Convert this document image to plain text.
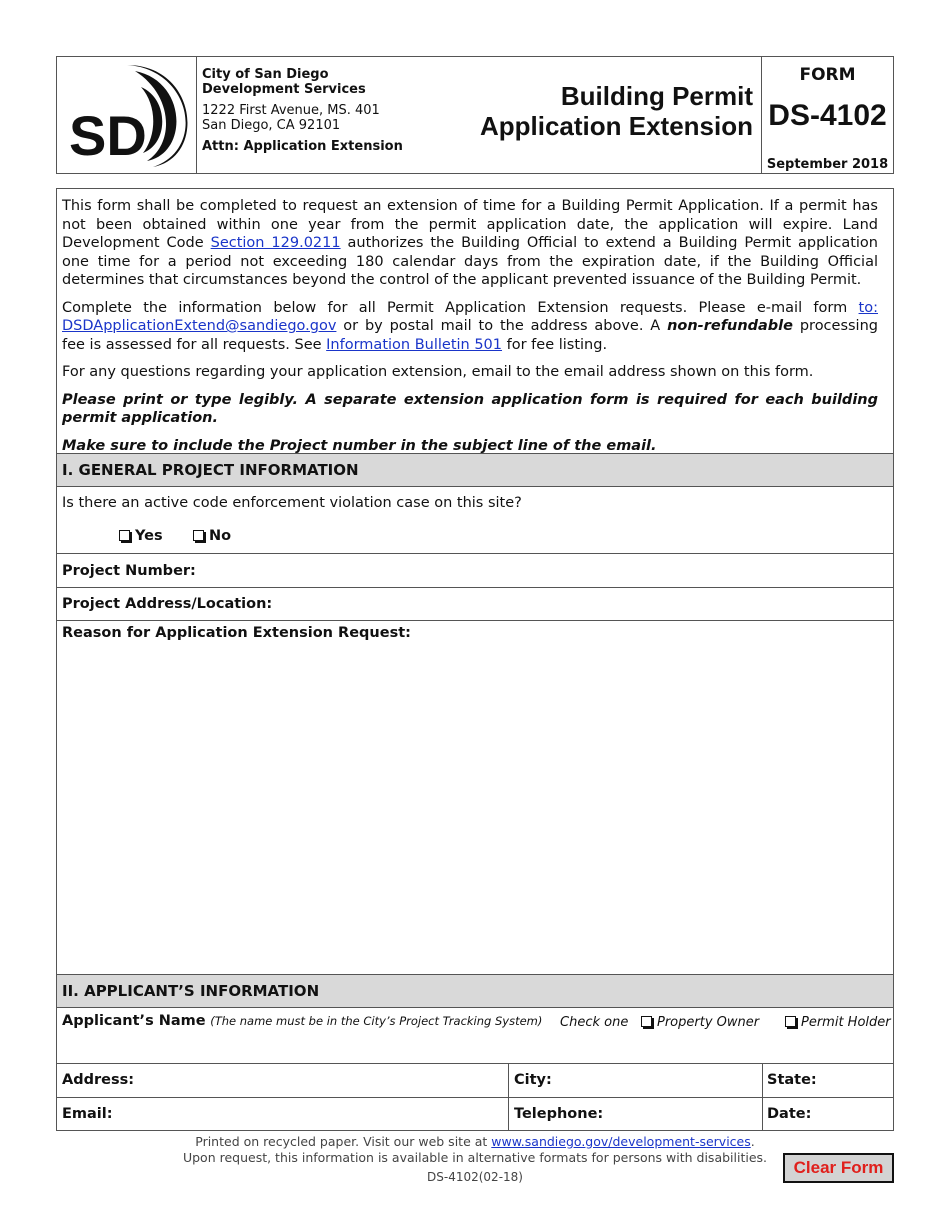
SD
City of San Diego
Development Services
1222 First Avenue, MS. 401
San Diego, CA 92101
Attn: Application Extension
Building Permit
Application Extension
FORM
DS-4102
September 2018

This form shall be completed to request an extension of time for a Building Permit Application. If a permit has not been obtained within one year from the permit application date, the application will expire. Land Development Code Section 129.0211 authorizes the Building Official to extend a Building Permit application one time for a period not exceeding 180 calendar days from the expiration date, if the Building Official determines that circumstances beyond the control of the applicant prevented issuance of the Building Permit.

Complete the information below for all Permit Application Extension requests. Please e-mail form to: DSDApplicationExtend@sandiego.gov or by postal mail to the address above. A non-refundable processing fee is assessed for all requests. See Information Bulletin 501 for fee listing.

For any questions regarding your application extension, email to the email address shown on this form.

Please print or type legibly. A separate extension application form is required for each building permit application.

Make sure to include the Project number in the subject line of the email.

I. GENERAL PROJECT INFORMATION
Is there an active code enforcement violation case on this site?
Yes	No
Project Number:
Project Address/Location:
Reason for Application Extension Request:
II. APPLICANT’S INFORMATION
Applicant’s Name (The name must be in the City’s Project Tracking System) Check one	Property Owner	Permit Holder
Address:	City:	State:
Email:	Telephone:	Date:
Printed on recycled paper. Visit our web site at www.sandiego.gov/development-services.
Upon request, this information is available in alternative formats for persons with disabilities.
DS-4102(02-18)	Clear Form
